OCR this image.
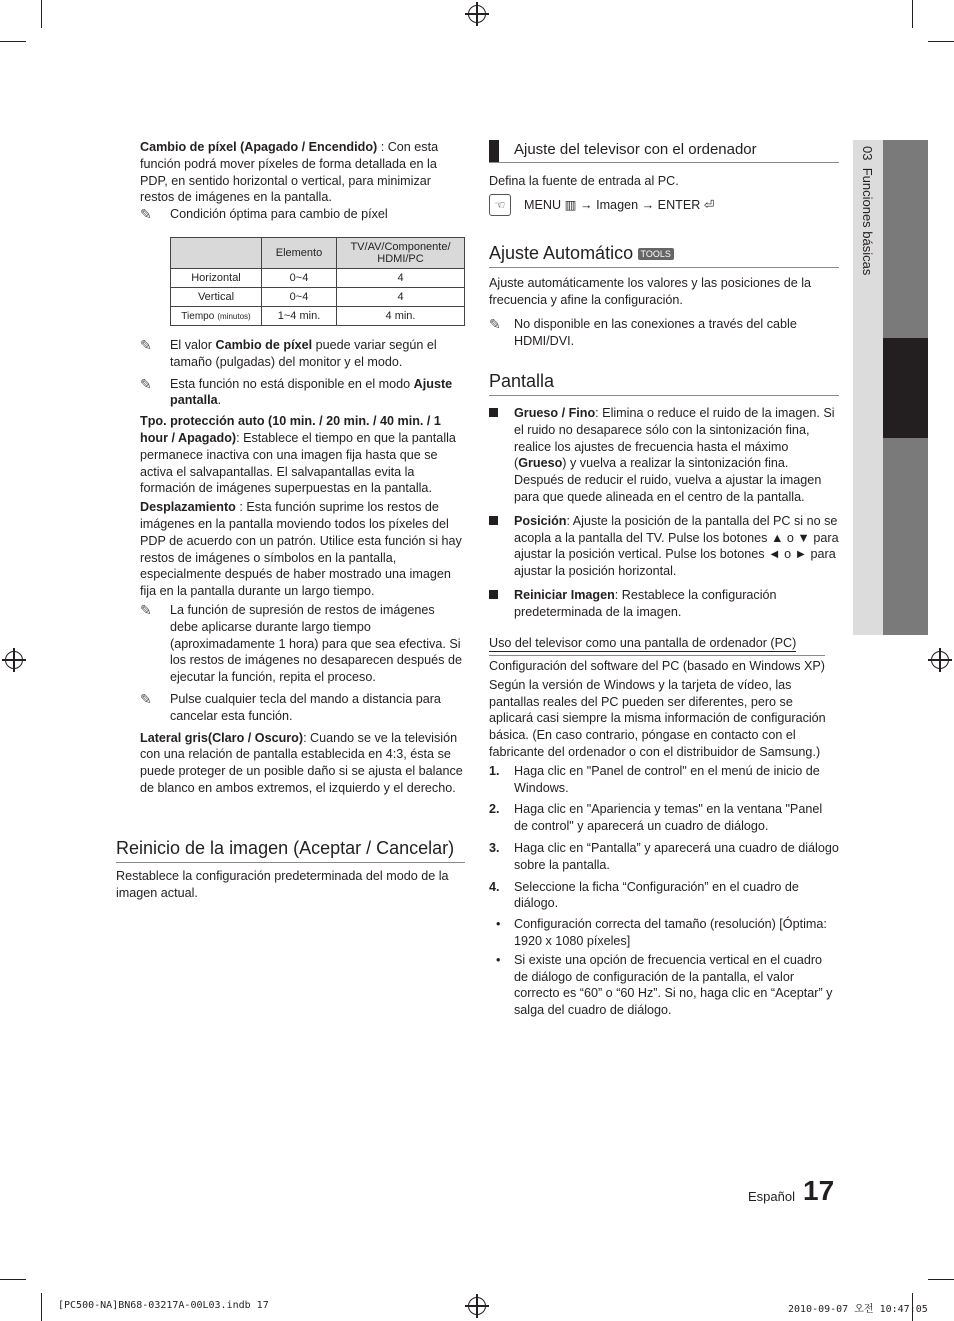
03  Funciones básicas

Cambio de píxel (Apagado / Encendido) : Con esta función podrá mover píxeles de forma detallada en la PDP, en sentido horizontal o vertical, para minimizar restos de imágenes en la pantalla.

✎ Condición óptima para cambio de píxel
	Elemento	TV/AV/Componente/ HDMI/PC
Horizontal	0~4	4
Vertical	0~4	4
Tiempo (minutos)	1~4 min.	4 min.
✎ El valor Cambio de píxel puede variar según el tamaño (pulgadas) del monitor y el modo.
✎ Esta función no está disponible en el modo Ajuste pantalla.

Tpo. protección auto (10 min. / 20 min. / 40 min. / 1 hour / Apagado): Establece el tiempo en que la pantalla permanece inactiva con una imagen fija hasta que se activa el salvapantallas. El salvapantallas evita la formación de imágenes superpuestas en la pantalla.

Desplazamiento : Esta función suprime los restos de imágenes en la pantalla moviendo todos los píxeles del PDP de acuerdo con un patrón. Utilice esta función si hay restos de imágenes o símbolos en la pantalla, especialmente después de haber mostrado una imagen fija en la pantalla durante un largo tiempo.

✎ La función de supresión de restos de imágenes debe aplicarse durante largo tiempo (aproximadamente 1 hora) para que sea efectiva. Si los restos de imágenes no desaparecen después de ejecutar la función, repita el proceso.
✎ Pulse cualquier tecla del mando a distancia para cancelar esta función.

Lateral gris(Claro / Oscuro): Cuando se ve la televisión con una relación de pantalla establecida en 4:3, ésta se puede proteger de un posible daño si se ajusta el balance de blanco en ambos extremos, el izquierdo y el derecho.

Reinicio de la imagen (Aceptar / Cancelar)

Restablece la configuración predeterminada del modo de la imagen actual.

Ajuste del televisor con el ordenador

Defina la fuente de entrada al PC.

☜	MENU ▥ → Imagen → ENTER ⏎
Ajuste Automático TOOLS

Ajuste automáticamente los valores y las posiciones de la frecuencia y afine la configuración.

✎ No disponible en las conexiones a través del cable HDMI/DVI.
Pantalla
Grueso / Fino: Elimina o reduce el ruido de la imagen. Si el ruido no desaparece sólo con la sintonización fina, realice los ajustes de frecuencia hasta el máximo (Grueso) y vuelva a realizar la sintonización fina. Después de reducir el ruido, vuelva a ajustar la imagen para que quede alineada en el centro de la pantalla.
Posición: Ajuste la posición de la pantalla del PC si no se acopla a la pantalla del TV. Pulse los botones ▲ o ▼ para ajustar la posición vertical. Pulse los botones ◄ o ► para ajustar la posición horizontal.
Reiniciar Imagen: Restablece la configuración predeterminada de la imagen.
Uso del televisor como una pantalla de ordenador (PC)

Configuración del software del PC (basado en Windows XP)

Según la versión de Windows y la tarjeta de vídeo, las pantallas reales del PC pueden ser diferentes, pero se aplicará casi siempre la misma información de configuración básica. (En caso contrario, póngase en contacto con el fabricante del ordenador o con el distribuidor de Samsung.)

1. Haga clic en "Panel de control" en el menú de inicio de Windows.
2. Haga clic en "Apariencia y temas" en la ventana "Panel de control" y aparecerá un cuadro de diálogo.
3. Haga clic en “Pantalla” y aparecerá una cuadro de diálogo sobre la pantalla.
4. Seleccione la ficha “Configuración” en el cuadro de diálogo.
• Configuración correcta del tamaño (resolución) [Óptima: 1920 x 1080 píxeles]
• Si existe una opción de frecuencia vertical en el cuadro de diálogo de configuración de la pantalla, el valor correcto es “60” o “60 Hz”. Si no, haga clic en “Aceptar” y salga del cuadro de diálogo.
Español 17
[PC500-NA]BN68-03217A-00L03.indb 17	2010-09-07 오전 10:47:05
